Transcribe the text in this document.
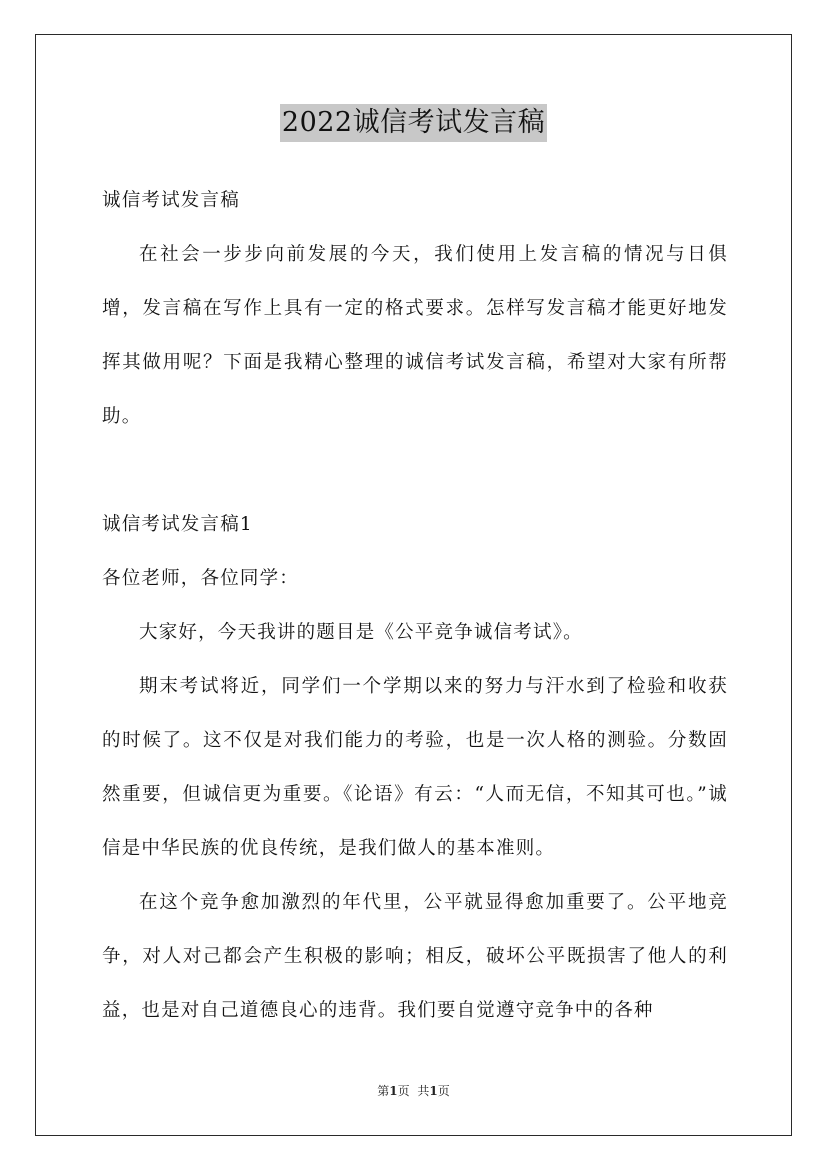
2022诚信考试发言稿

诚信考试发言稿

在社会一步步向前发展的今天，我们使用上发言稿的情况与日俱增，发言稿在写作上具有一定的格式要求。怎样写发言稿才能更好地发挥其做用呢？下面是我精心整理的诚信考试发言稿，希望对大家有所帮助。

诚信考试发言稿1

各位老师，各位同学：

大家好，今天我讲的题目是《公平竞争诚信考试》。

期末考试将近，同学们一个学期以来的努力与汗水到了检验和收获的时候了。这不仅是对我们能力的考验，也是一次人格的测验。分数固然重要，但诚信更为重要。《论语》有云：“人而无信，不知其可也。”诚信是中华民族的优良传统，是我们做人的基本准则。

在这个竞争愈加激烈的年代里，公平就显得愈加重要了。公平地竞争，对人对己都会产生积极的影响；相反，破坏公平既损害了他人的利益，也是对自己道德良心的违背。我们要自觉遵守竞争中的各种

第1页 共1页
